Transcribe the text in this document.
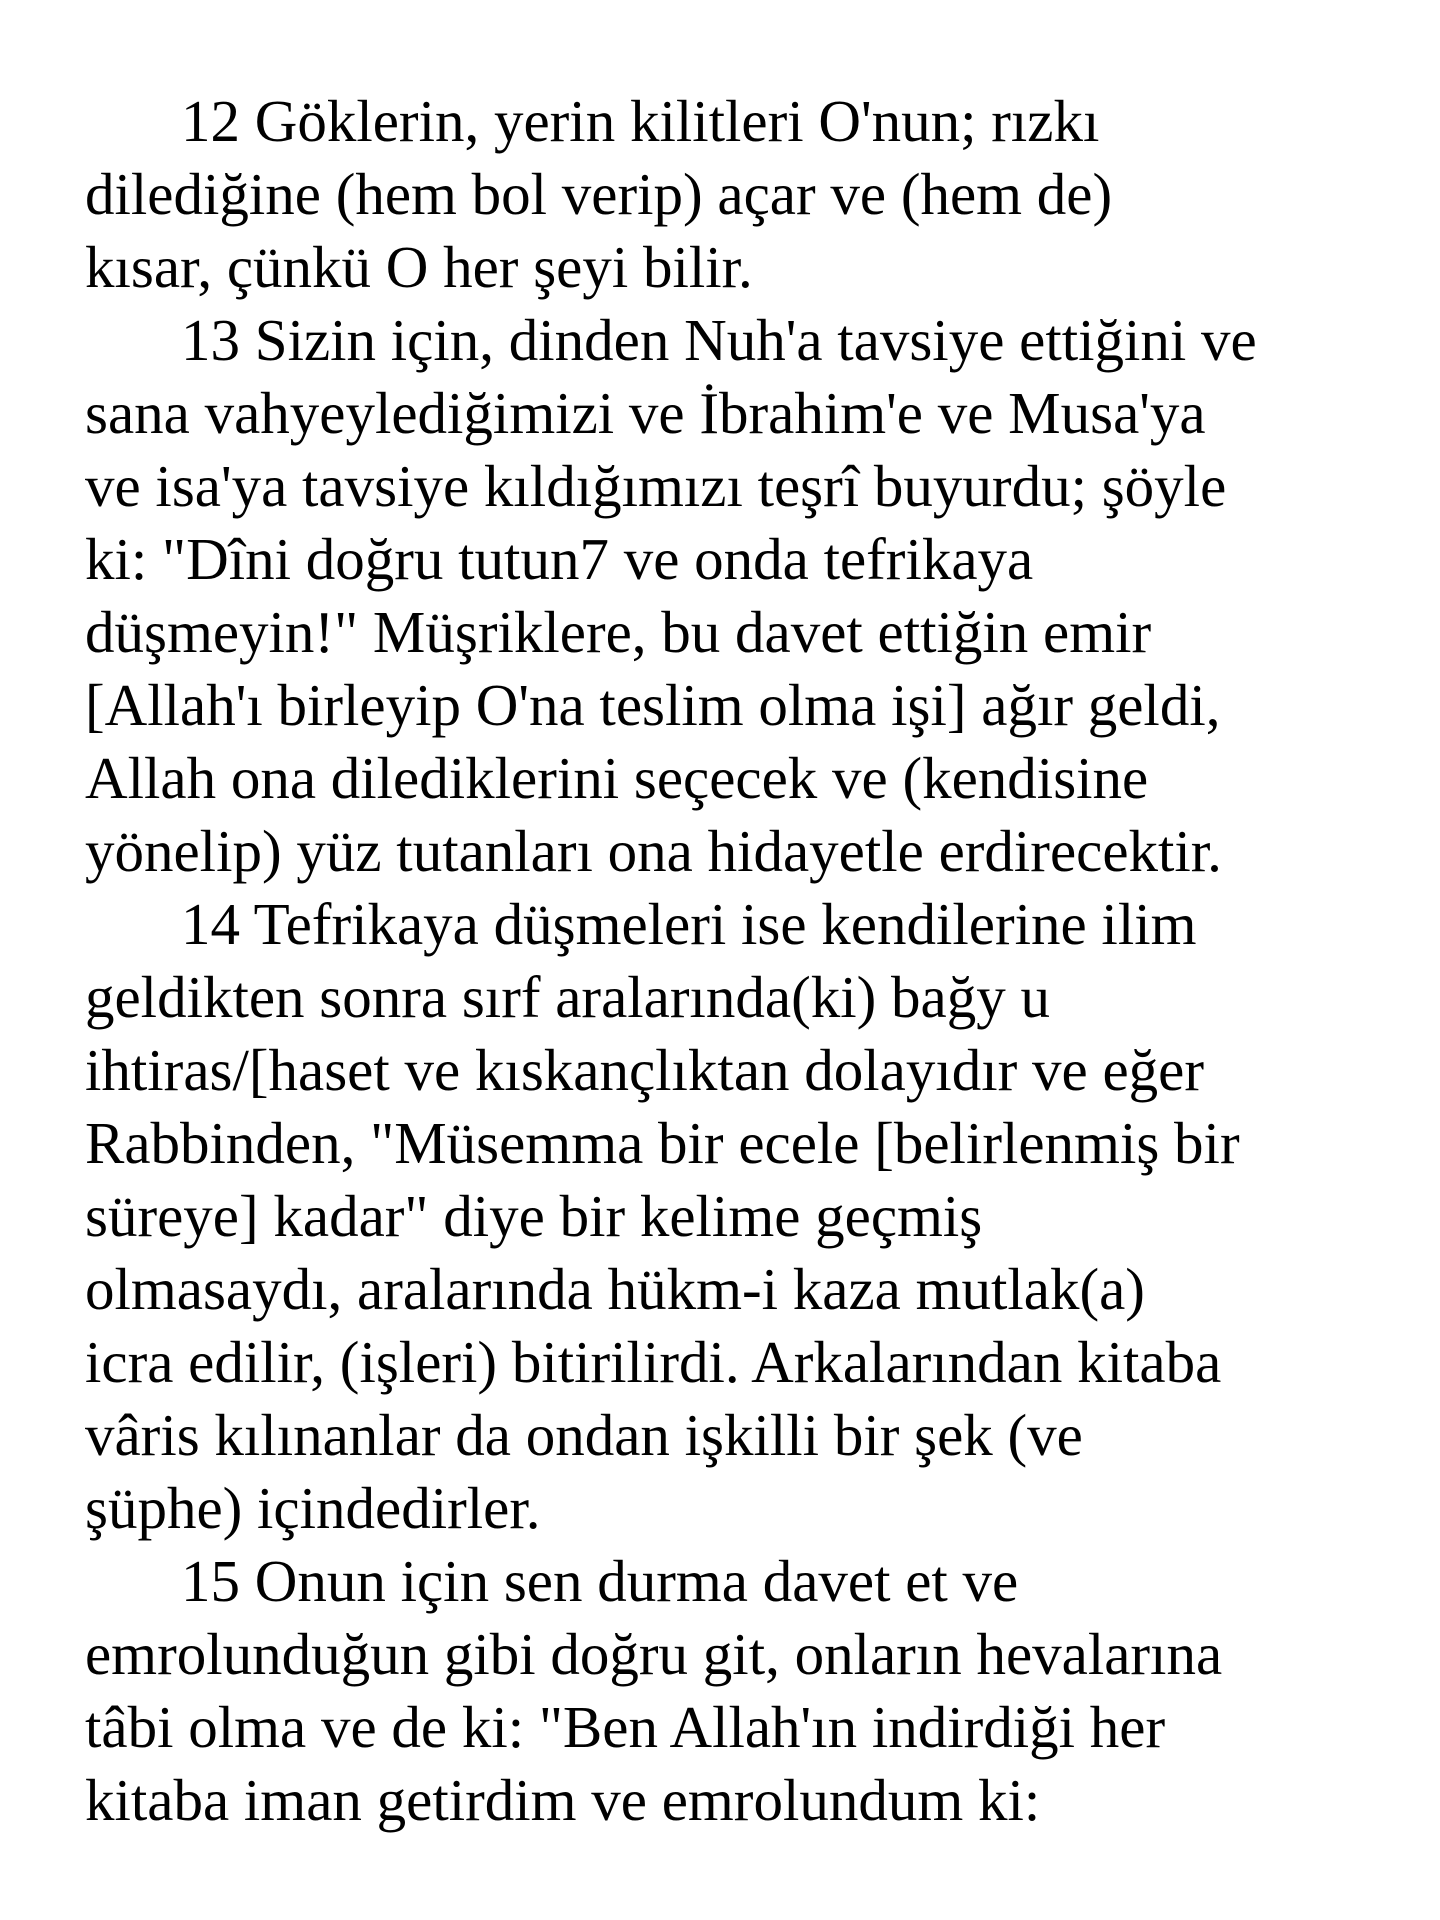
12 Göklerin, yerin kilitleri O'nun; rızkı
dilediğine (hem bol verip) açar ve (hem de)
kısar, çünkü O her şeyi bilir.
13 Sizin için, dinden Nuh'a tavsiye ettiğini ve
sana vahyeylediğimizi ve İbrahim'e ve Musa'ya
ve isa'ya tavsiye kıldığımızı teşrî buyurdu; şöyle
ki: "Dîni doğru tutun7 ve onda tefrikaya
düşmeyin!" Müşriklere, bu davet ettiğin emir
[Allah'ı birleyip O'na teslim olma işi] ağır geldi,
Allah ona dilediklerini seçecek ve (kendisine
yönelip) yüz tutanları ona hidayetle erdirecektir.
14 Tefrikaya düşmeleri ise kendilerine ilim
geldikten sonra sırf aralarında(ki) bağy u
ihtiras/[haset ve kıskançlıktan dolayıdır ve eğer
Rabbinden, "Müsemma bir ecele [belirlenmiş bir
süreye] kadar" diye bir kelime geçmiş
olmasaydı, aralarında hükm-i kaza mutlak(a)
icra edilir, (işleri) bitirilirdi. Arkalarından kitaba
vâris kılınanlar da ondan işkilli bir şek (ve
şüphe) içindedirler.
15 Onun için sen durma davet et ve
emrolunduğun gibi doğru git, onların hevalarına
tâbi olma ve de ki: "Ben Allah'ın indirdiği her
kitaba iman getirdim ve emrolundum ki:
